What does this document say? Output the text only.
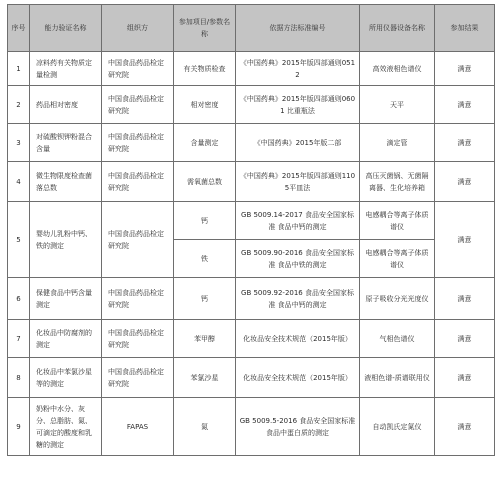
序号	能力验证名称	组织方	参加项目/参数名称	依据方法标准编号	所用仪器设备名称	参加结果
1	凉料药有关物质定量检测	中国食品药品检定研究院	有关物质检查	《中国药典》2015年版四部通则0512	高效液相色谱仪	满意
2	药品相对密度	中国食品药品检定研究院	相对密度	《中国药典》2015年版四部通则0601 比重瓶法	天平	满意
3	对硫酸钡钾粉混合含量	中国食品药品检定研究院	含量测定	《中国药典》2015年版二部	滴定管	满意
4	微生物限度检查菌落总数	中国食品药品检定研究院	需氧菌总数	《中国药典》2015年版四部通则1105平皿法	高压灭菌锅、无菌隔离器、生化培养箱	满意
5	婴幼儿乳粉中钙、铁的测定	中国食品药品检定研究院	钙	GB 5009.14-2017 食品安全国家标准 食品中钙的测定	电感耦合等离子体质谱仪	满意
			铁	GB 5009.90-2016 食品安全国家标准 食品中铁的测定	电感耦合等离子体质谱仪	
6	保健食品中钙含量测定	中国食品药品检定研究院	钙	GB 5009.92-2016 食品安全国家标准 食品中钙的测定	原子吸收分光光度仪	满意
7	化妆品中防腐剂的测定	中国食品药品检定研究院	苯甲醇	化妆品安全技术规范（2015年版）	气相色谱仪	满意
8	化妆品中苯氯沙星等的测定	中国食品药品检定研究院	苯氯沙星	化妆品安全技术规范（2015年版）	液相色谱-质谱联用仪	满意
9	奶粉中水分、灰分、总脂肪、氮、可滴定的酸度和乳糖的测定	FAPAS	氮	GB 5009.5-2016 食品安全国家标准 食品中蛋白质的测定	自动凯氏定氮仪	满意
